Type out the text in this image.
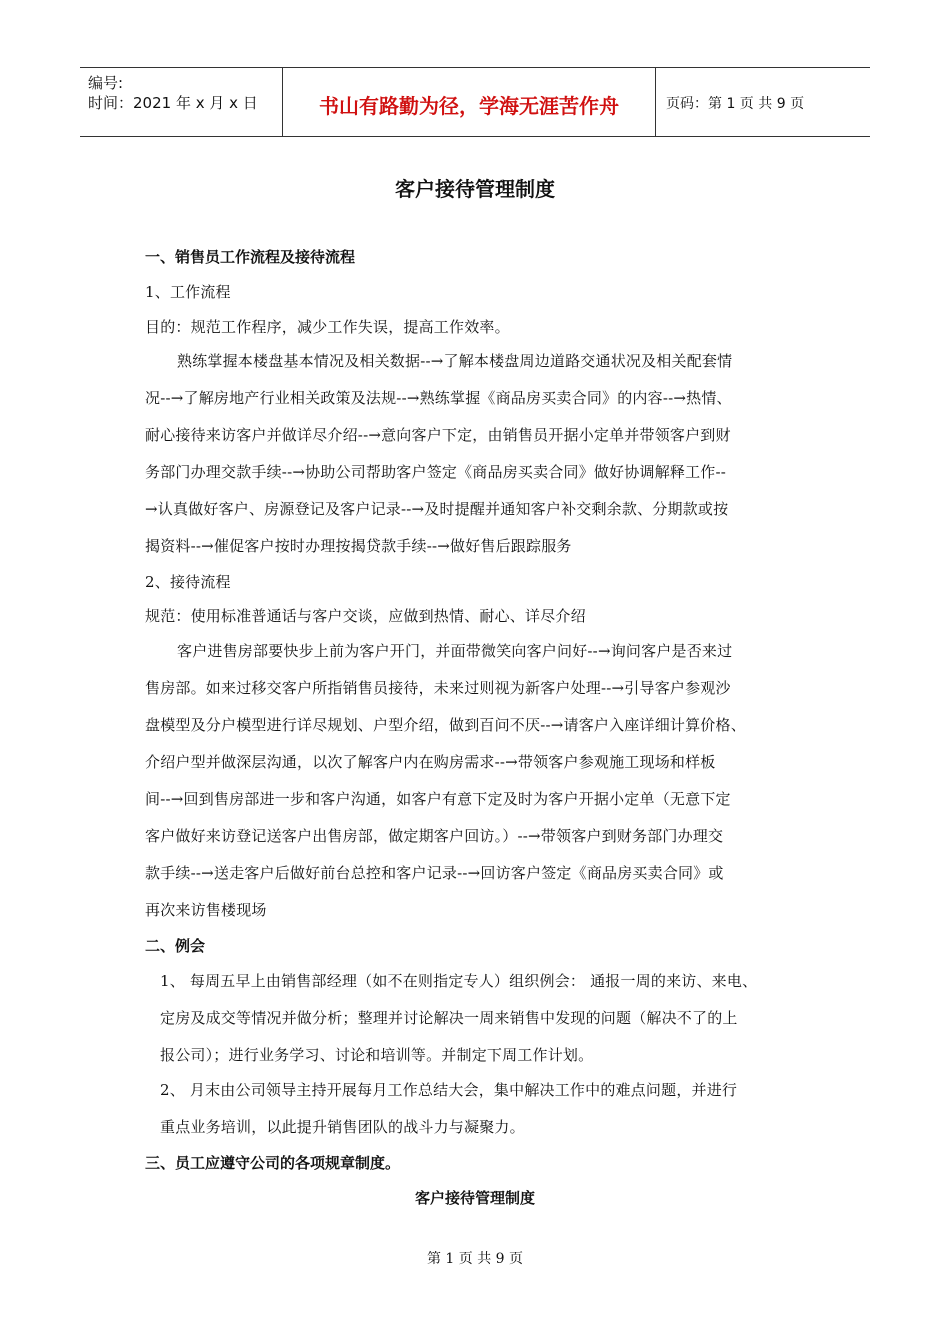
编号:
时间：2021 年 x 月 x 日	书山有路勤为径，学海无涯苦作舟	页码：第 1 页 共 9 页
客户接待管理制度
一、销售员工作流程及接待流程
1、工作流程
目的：规范工作程序，减少工作失误，提高工作效率。
熟练掌握本楼盘基本情况及相关数据--→了解本楼盘周边道路交通状况及相关配套情
况--→了解房地产行业相关政策及法规--→熟练掌握《商品房买卖合同》的内容--→热情、
耐心接待来访客户并做详尽介绍--→意向客户下定，由销售员开据小定单并带领客户到财
务部门办理交款手续--→协助公司帮助客户签定《商品房买卖合同》做好协调解释工作--
→认真做好客户、房源登记及客户记录--→及时提醒并通知客户补交剩余款、分期款或按
揭资料--→催促客户按时办理按揭贷款手续--→做好售后跟踪服务
2、接待流程
规范：使用标准普通话与客户交谈，应做到热情、耐心、详尽介绍
客户进售房部要快步上前为客户开门，并面带微笑向客户问好--→询问客户是否来过
售房部。如来过移交客户所指销售员接待，未来过则视为新客户处理--→引导客户参观沙
盘模型及分户模型进行详尽规划、户型介绍，做到百问不厌--→请客户入座详细计算价格、
介绍户型并做深层沟通，以次了解客户内在购房需求--→带领客户参观施工现场和样板
间--→回到售房部进一步和客户沟通，如客户有意下定及时为客户开据小定单（无意下定
客户做好来访登记送客户出售房部，做定期客户回访。）--→带领客户到财务部门办理交
款手续--→送走客户后做好前台总控和客户记录--→回访客户签定《商品房买卖合同》或
再次来访售楼现场
二、例会
1、 每周五早上由销售部经理（如不在则指定专人）组织例会： 通报一周的来访、来电、
定房及成交等情况并做分析；整理并讨论解决一周来销售中发现的问题（解决不了的上
报公司）；进行业务学习、讨论和培训等。并制定下周工作计划。
2、 月末由公司领导主持开展每月工作总结大会，集中解决工作中的难点问题，并进行
重点业务培训，以此提升销售团队的战斗力与凝聚力。
三、员工应遵守公司的各项规章制度。
客户接待管理制度
第 1 页 共 9 页
